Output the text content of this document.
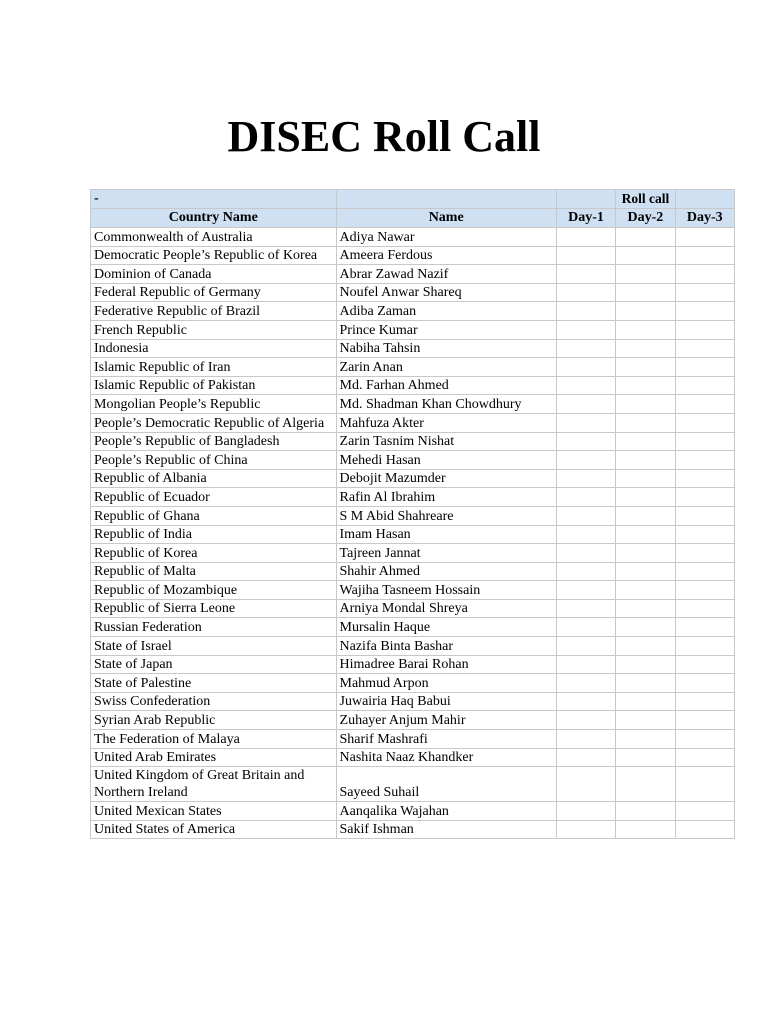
DISEC Roll Call
-			Roll call	
Country Name	Name	Day-1	Day-2	Day-3
Commonwealth of Australia	Adiya Nawar			
Democratic People’s Republic of Korea	Ameera Ferdous			
Dominion of Canada	Abrar Zawad Nazif			
Federal Republic of Germany	Noufel Anwar Shareq			
Federative Republic of Brazil	Adiba Zaman			
French Republic	Prince Kumar			
Indonesia	Nabiha Tahsin			
Islamic Republic of Iran	Zarin Anan			
Islamic Republic of Pakistan	Md. Farhan Ahmed			
Mongolian People’s Republic	Md. Shadman Khan Chowdhury			
People’s Democratic Republic of Algeria	Mahfuza Akter			
People’s Republic of Bangladesh	Zarin Tasnim Nishat			
People’s Republic of China	Mehedi Hasan			
Republic of Albania	Debojit Mazumder			
Republic of Ecuador	Rafin Al Ibrahim			
Republic of Ghana	S M Abid Shahreare			
Republic of India	Imam Hasan			
Republic of Korea	Tajreen Jannat			
Republic of Malta	Shahir Ahmed			
Republic of Mozambique	Wajiha Tasneem Hossain			
Republic of Sierra Leone	Arniya Mondal Shreya			
Russian Federation	Mursalin Haque			
State of Israel	Nazifa Binta Bashar			
State of Japan	Himadree Barai Rohan			
State of Palestine	Mahmud Arpon			
Swiss Confederation	Juwairia Haq Babui			
Syrian Arab Republic	Zuhayer Anjum Mahir			
The Federation of Malaya	Sharif Mashrafi			
United Arab Emirates	Nashita Naaz Khandker			
United Kingdom of Great Britain and Northern Ireland	Sayeed Suhail			
United Mexican States	Aanqalika Wajahan			
United States of America	Sakif Ishman			
